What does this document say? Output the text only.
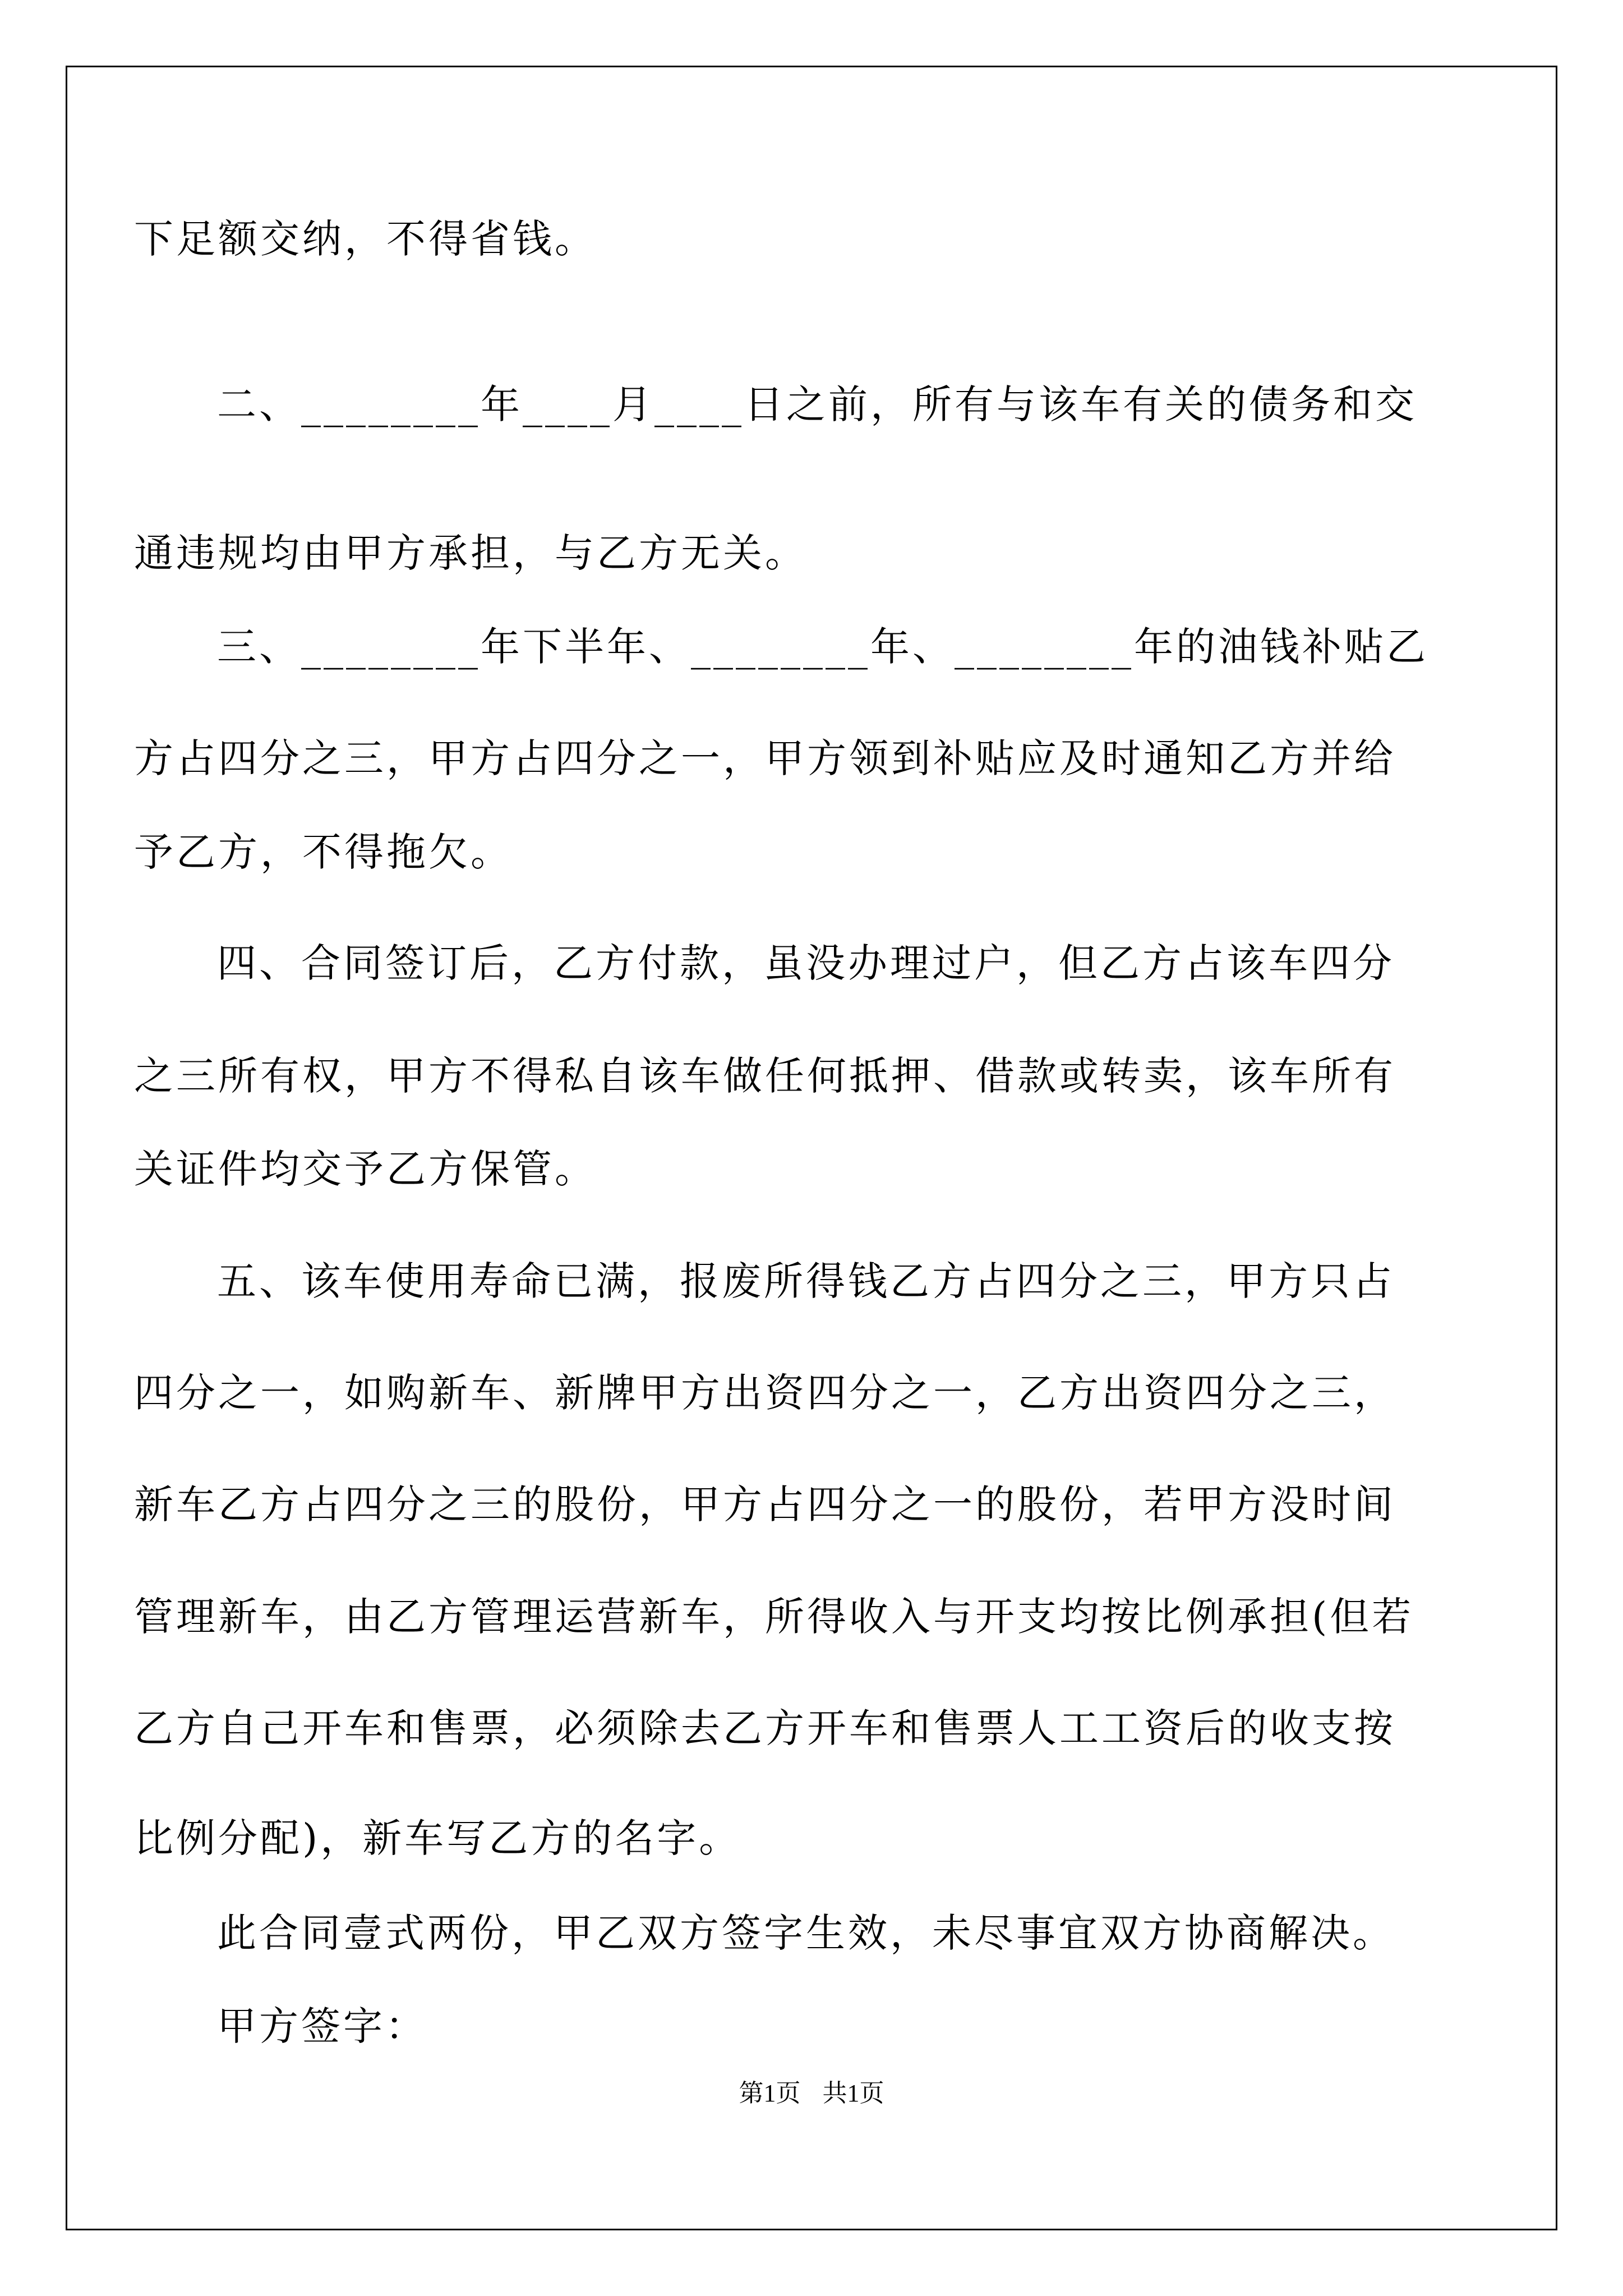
下足额交纳，不得省钱。
二、________年____月____日之前，所有与该车有关的债务和交
通违规均由甲方承担，与乙方无关。
三、________年下半年、________年、________年的油钱补贴乙
方占四分之三，甲方占四分之一，甲方领到补贴应及时通知乙方并给
予乙方，不得拖欠。
四、合同签订后，乙方付款，虽没办理过户，但乙方占该车四分
之三所有权，甲方不得私自该车做任何抵押、借款或转卖，该车所有
关证件均交予乙方保管。
五、该车使用寿命已满，报废所得钱乙方占四分之三，甲方只占
四分之一，如购新车、新牌甲方出资四分之一，乙方出资四分之三，
新车乙方占四分之三的股份，甲方占四分之一的股份，若甲方没时间
管理新车，由乙方管理运营新车，所得收入与开支均按比例承担(但若
乙方自己开车和售票，必须除去乙方开车和售票人工工资后的收支按
比例分配)，新车写乙方的名字。
此合同壹式两份，甲乙双方签字生效，未尽事宜双方协商解决。
甲方签字：
第1页 共1页
